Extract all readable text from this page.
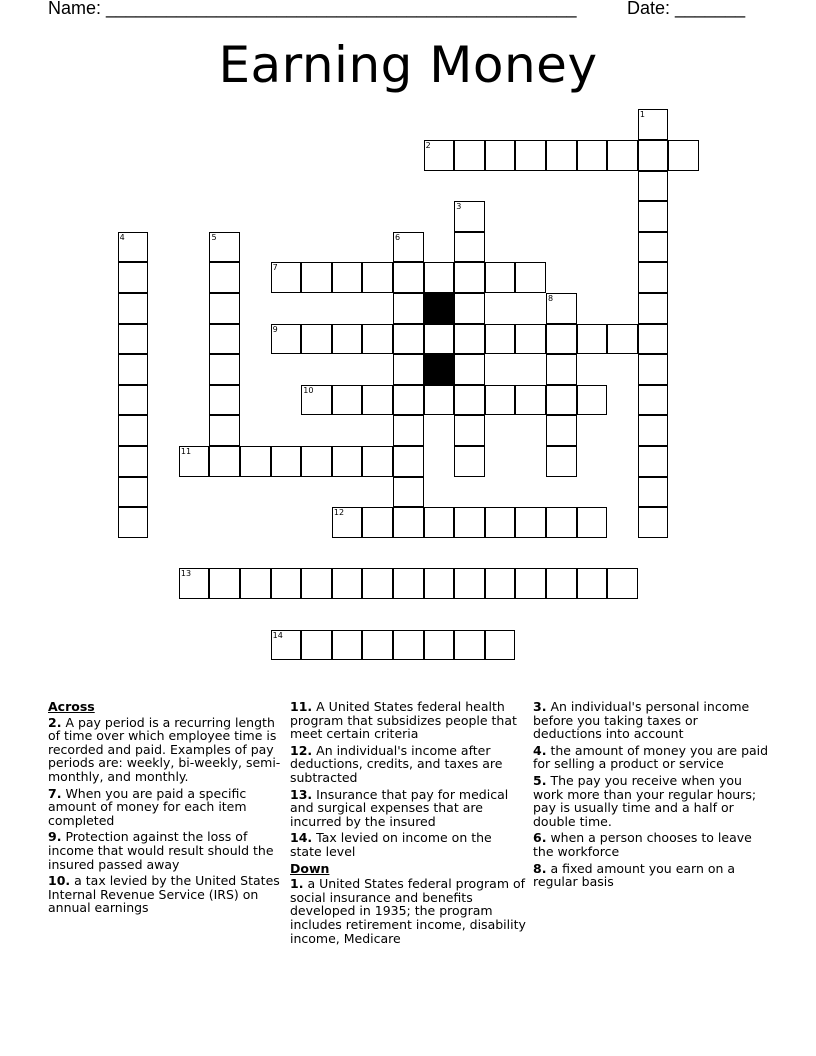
Name: _______________________________________________	Date: _______
Earning Money
1
2
3
4	5	6
7
8
9
10
11
12
13
14
Across
2. A pay period is a recurring length of time over which employee time is recorded and paid. Examples of pay periods are: weekly, bi-weekly, semi-monthly, and monthly.
7. When you are paid a specific amount of money for each item completed
9. Protection against the loss of income that would result should the insured passed away
10. a tax levied by the United States Internal Revenue Service (IRS) on annual earnings
11. A United States federal health program that subsidizes people that meet certain criteria
12. An individual's income after deductions, credits, and taxes are subtracted
13. Insurance that pay for medical and surgical expenses that are incurred by the insured
14. Tax levied on income on the state level
Down
1. a United States federal program of social insurance and benefits developed in 1935; the program includes retirement income, disability income, Medicare
3. An individual's personal income before you taking taxes or deductions into account
4. the amount of money you are paid for selling a product or service
5. The pay you receive when you work more than your regular hours; pay is usually time and a half or double time.
6. when a person chooses to leave the workforce
8. a fixed amount you earn on a regular basis
